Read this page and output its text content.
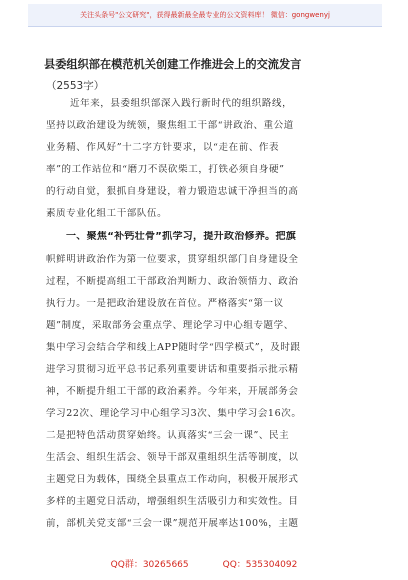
关注头条号"公文研究"，获得最新最全最专业的公文资料库！ 微信：gongwenyj
县委组织部在模范机关创建工作推进会上的交流发言
（2553字）
近年来，县委组织部深入践行新时代的组织路线，
坚持以政治建设为统领，聚焦组工干部“讲政治、重公道
业务精、作风好”十二字方针要求，以“走在前、作表
率”的工作站位和“磨刀不误砍柴工，打铁必须自身硬”
的行动自觉，狠抓自身建设，着力锻造忠诚干净担当的高
素质专业化组工干部队伍。
一、聚焦“补钙壮骨”抓学习，提升政治修养。把旗
帜鲜明讲政治作为第一位要求，贯穿组织部门自身建设全
过程，不断提高组工干部政治判断力、政治领悟力、政治
执行力。一是把政治建设放在首位。严格落实“第一议
题”制度，采取部务会重点学、理论学习中心组专题学、
集中学习会结合学和线上APP随时学“四学模式”，及时跟
进学习贯彻习近平总书记系列重要讲话和重要指示批示精
神，不断提升组工干部的政治素养。今年来，开展部务会
学习22次、理论学习中心组学习3次、集中学习会16次。
二是把特色活动贯穿始终。认真落实“三会一课”、民主
生活会、组织生活会、领导干部双重组织生活等制度，以
主题党日为载体，围绕全县重点工作动向，积极开展形式
多样的主题党日活动，增强组织生活吸引力和实效性。目
前，部机关党支部“三会一课”规范开展率达100%，主题
QQ群：30265665	QQ：535304092
